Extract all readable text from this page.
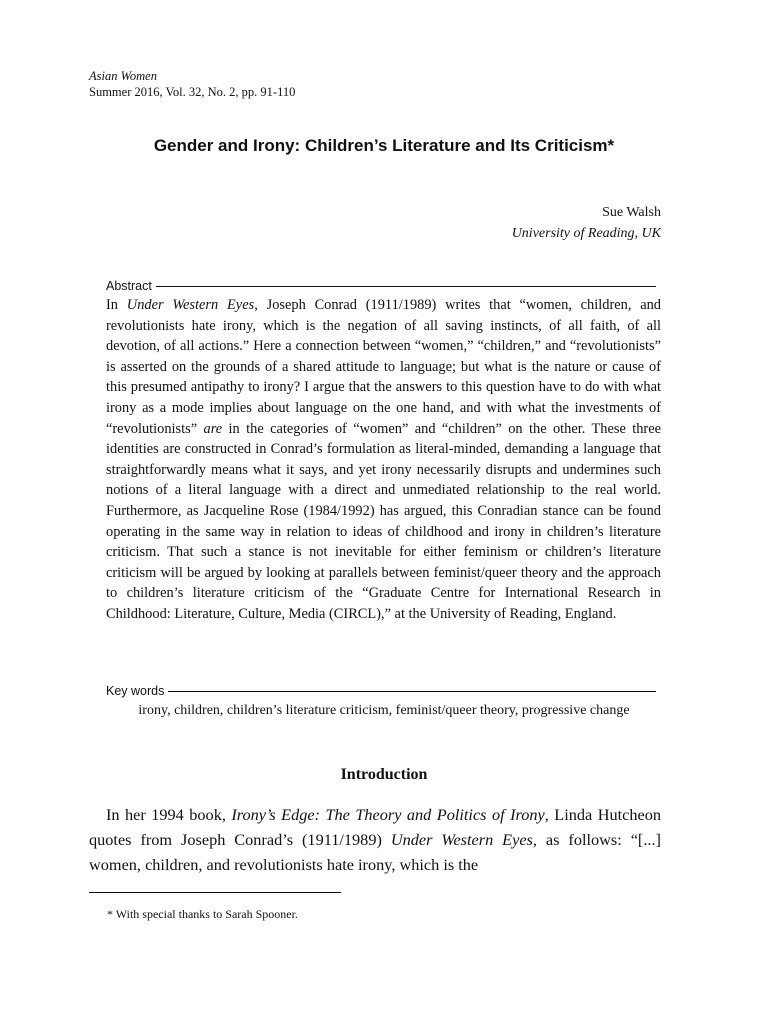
Asian Women
Summer 2016, Vol. 32, No. 2, pp. 91-110
Gender and Irony: Children’s Literature and Its Criticism*
Sue Walsh
University of Reading, UK
Abstract

In Under Western Eyes, Joseph Conrad (1911/1989) writes that “women, children, and revolutionists hate irony, which is the negation of all saving instincts, of all faith, of all devotion, of all actions.” Here a connection between “women,” “children,” and “revolutionists” is asserted on the grounds of a shared attitude to language; but what is the nature or cause of this presumed antipathy to irony? I argue that the answers to this question have to do with what irony as a mode implies about language on the one hand, and with what the investments of “revolutionists” are in the categories of “women” and “children” on the other. These three identities are constructed in Conrad’s formulation as literal-minded, demanding a language that straightforwardly means what it says, and yet irony necessarily disrupts and undermines such notions of a literal language with a direct and unmediated relationship to the real world. Furthermore, as Jacqueline Rose (1984/1992) has argued, this Conradian stance can be found operating in the same way in relation to ideas of childhood and irony in children’s literature criticism. That such a stance is not inevitable for either feminism or children’s literature criticism will be argued by looking at parallels between feminist/queer theory and the approach to children’s literature criticism of the “Graduate Centre for International Research in Childhood: Literature, Culture, Media (CIRCL),” at the University of Reading, England.

Key words
irony, children, children’s literature criticism, feminist/queer theory, progressive change
Introduction

In her 1994 book, Irony’s Edge: The Theory and Politics of Irony, Linda Hutcheon quotes from Joseph Conrad’s (1911/1989) Under Western Eyes, as follows: “[...] women, children, and revolutionists hate irony, which is the

* With special thanks to Sarah Spooner.
